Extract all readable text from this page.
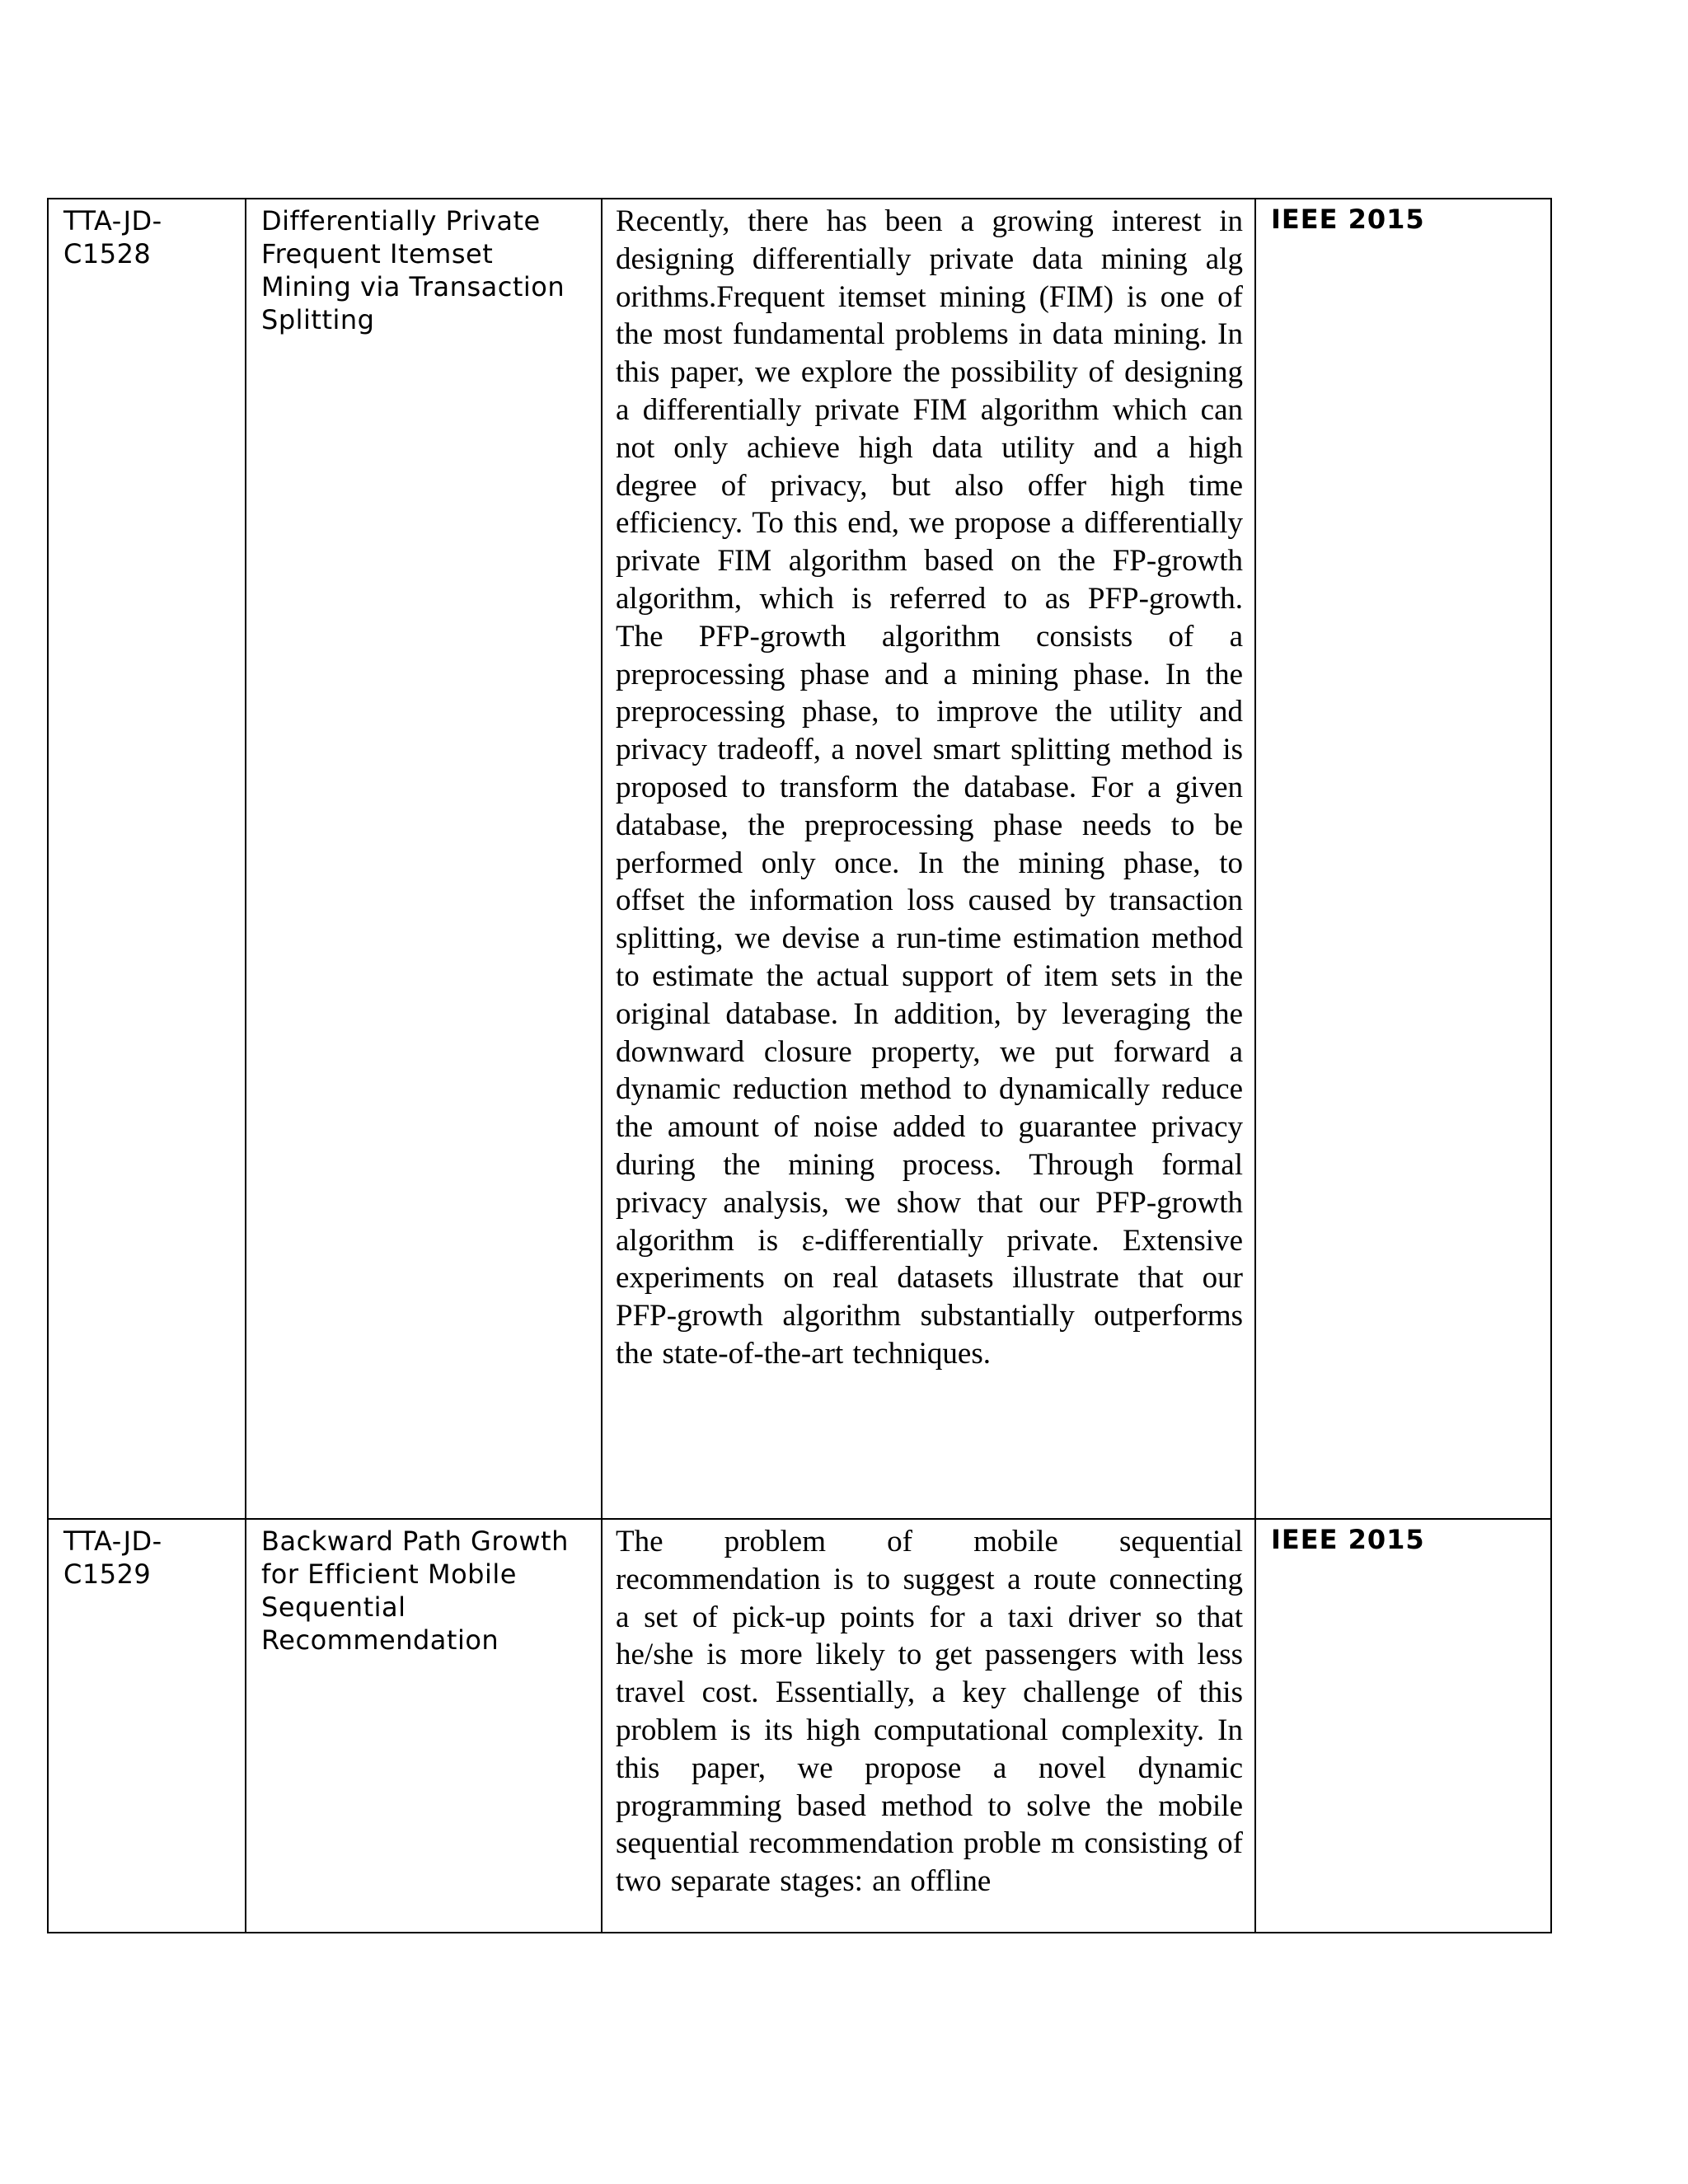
TTA-JD-C1528	Differentially Private Frequent Itemset Mining via Transaction Splitting	Recently, there has been a growing interest in designing differentially private data mining alg orithms.Frequent itemset mining (FIM) is one of the most fundamental problems in data mining. In this paper, we explore the possibility of designing a differentially private FIM algorithm which can not only achieve high data utility and a high degree of privacy, but also offer high time efficiency. To this end, we propose a differentially private FIM algorithm based on the FP-growth algorithm, which is referred to as PFP-growth. The PFP-growth algorithm consists of a preprocessing phase and a mining phase. In the preprocessing phase, to improve the utility and privacy tradeoff, a novel smart splitting method is proposed to transform the database. For a given database, the preprocessing phase needs to be performed only once. In the mining phase, to offset the information loss caused by transaction splitting, we devise a run-time estimation method to estimate the actual support of item sets in the original database. In addition, by leveraging the downward closure property, we put forward a dynamic reduction method to dynamically reduce the amount of noise added to guarantee privacy during the mining process. Through formal privacy analysis, we show that our PFP-growth algorithm is ε-differentially private. Extensive experiments on real datasets illustrate that our PFP-growth algorithm substantially outperforms the state-of-the-art techniques.	IEEE 2015

TTA-JD-C1529	Backward Path Growth for Efficient Mobile Sequential Recommendation	The problem of mobile sequential recommendation is to suggest a route connecting a set of pick-up points for a taxi driver so that he/she is more likely to get passengers with less travel cost. Essentially, a key challenge of this problem is its high computational complexity. In this paper, we propose a novel dynamic programming based method to solve the mobile sequential recommendation proble m consisting of two separate stages: an offline	IEEE 2015
